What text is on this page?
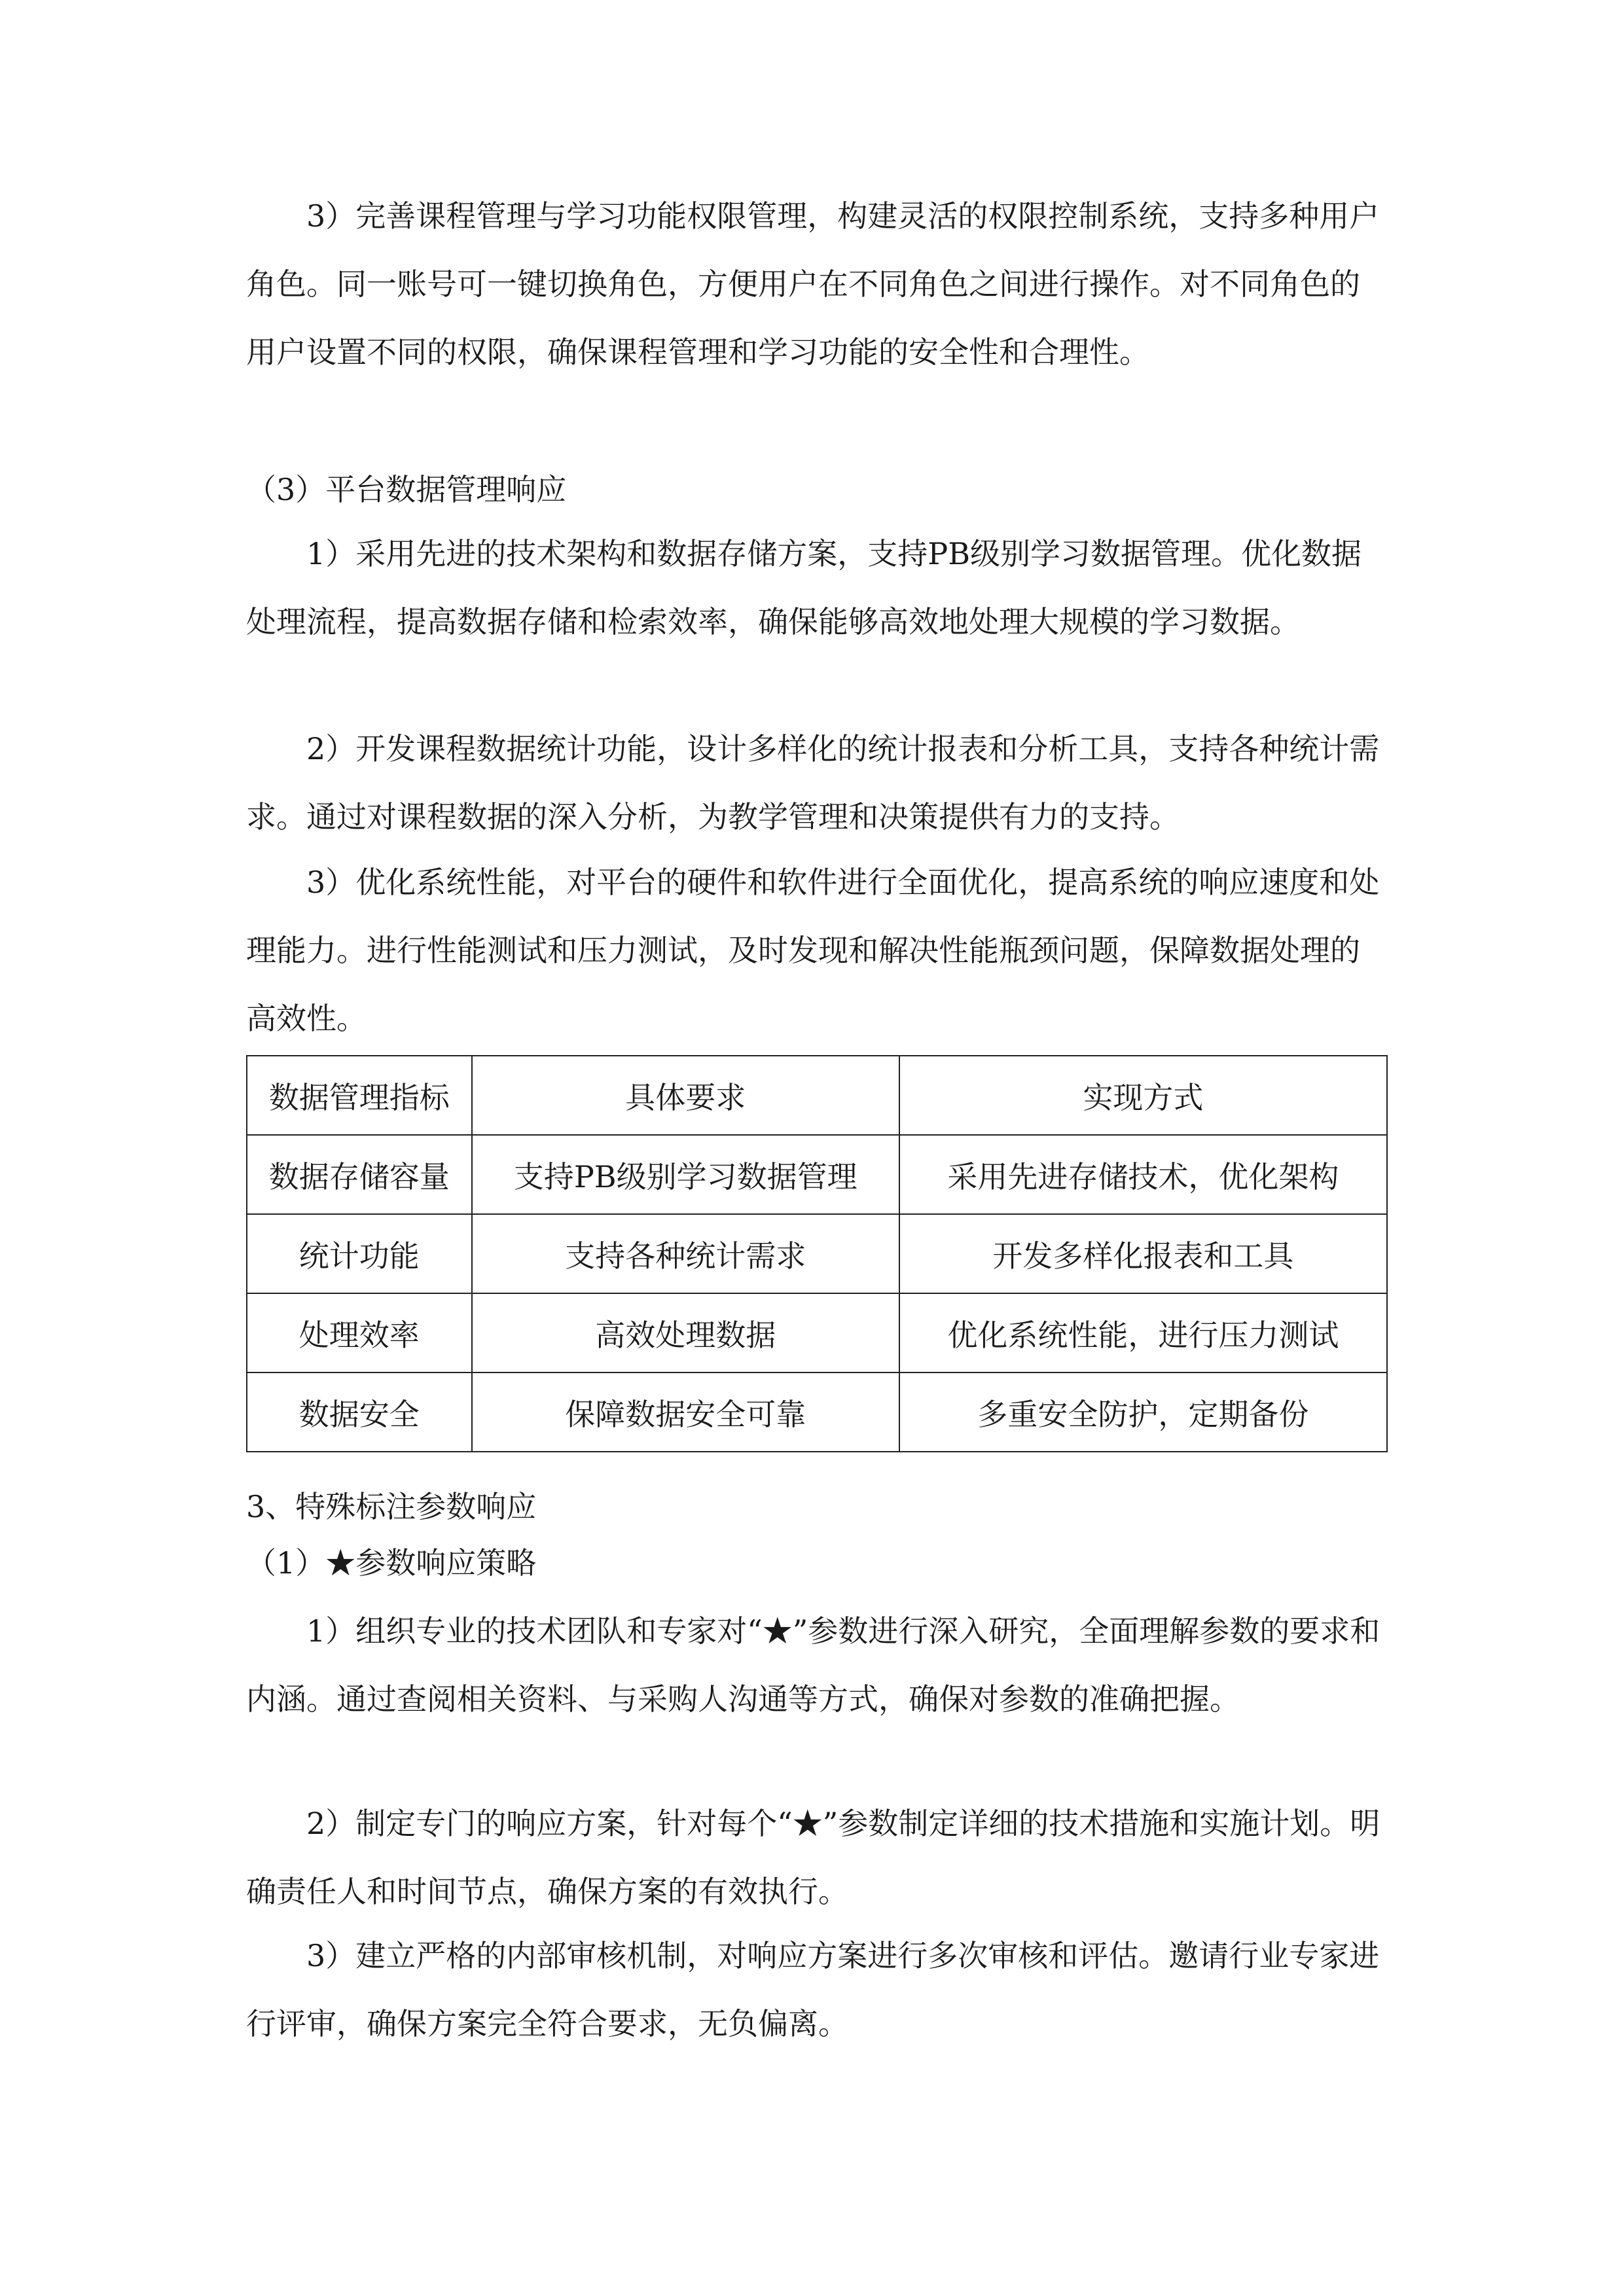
3）完善课程管理与学习功能权限管理，构建灵活的权限控制系统，支持多种用户角色。同一账号可一键切换角色，方便用户在不同角色之间进行操作。对不同角色的用户设置不同的权限，确保课程管理和学习功能的安全性和合理性。

（3）平台数据管理响应

1）采用先进的技术架构和数据存储方案，支持PB级别学习数据管理。优化数据处理流程，提高数据存储和检索效率，确保能够高效地处理大规模的学习数据。

2）开发课程数据统计功能，设计多样化的统计报表和分析工具，支持各种统计需求。通过对课程数据的深入分析，为教学管理和决策提供有力的支持。

3）优化系统性能，对平台的硬件和软件进行全面优化，提高系统的响应速度和处理能力。进行性能测试和压力测试，及时发现和解决性能瓶颈问题，保障数据处理的高效性。

数据管理指标	具体要求	实现方式
数据存储容量	支持PB级别学习数据管理	采用先进存储技术，优化架构
统计功能	支持各种统计需求	开发多样化报表和工具
处理效率	高效处理数据	优化系统性能，进行压力测试
数据安全	保障数据安全可靠	多重安全防护，定期备份

3、特殊标注参数响应

（1）★参数响应策略

1）组织专业的技术团队和专家对“★”参数进行深入研究，全面理解参数的要求和内涵。通过查阅相关资料、与采购人沟通等方式，确保对参数的准确把握。

2）制定专门的响应方案，针对每个“★”参数制定详细的技术措施和实施计划。明确责任人和时间节点，确保方案的有效执行。

3）建立严格的内部审核机制，对响应方案进行多次审核和评估。邀请行业专家进行评审，确保方案完全符合要求，无负偏离。
